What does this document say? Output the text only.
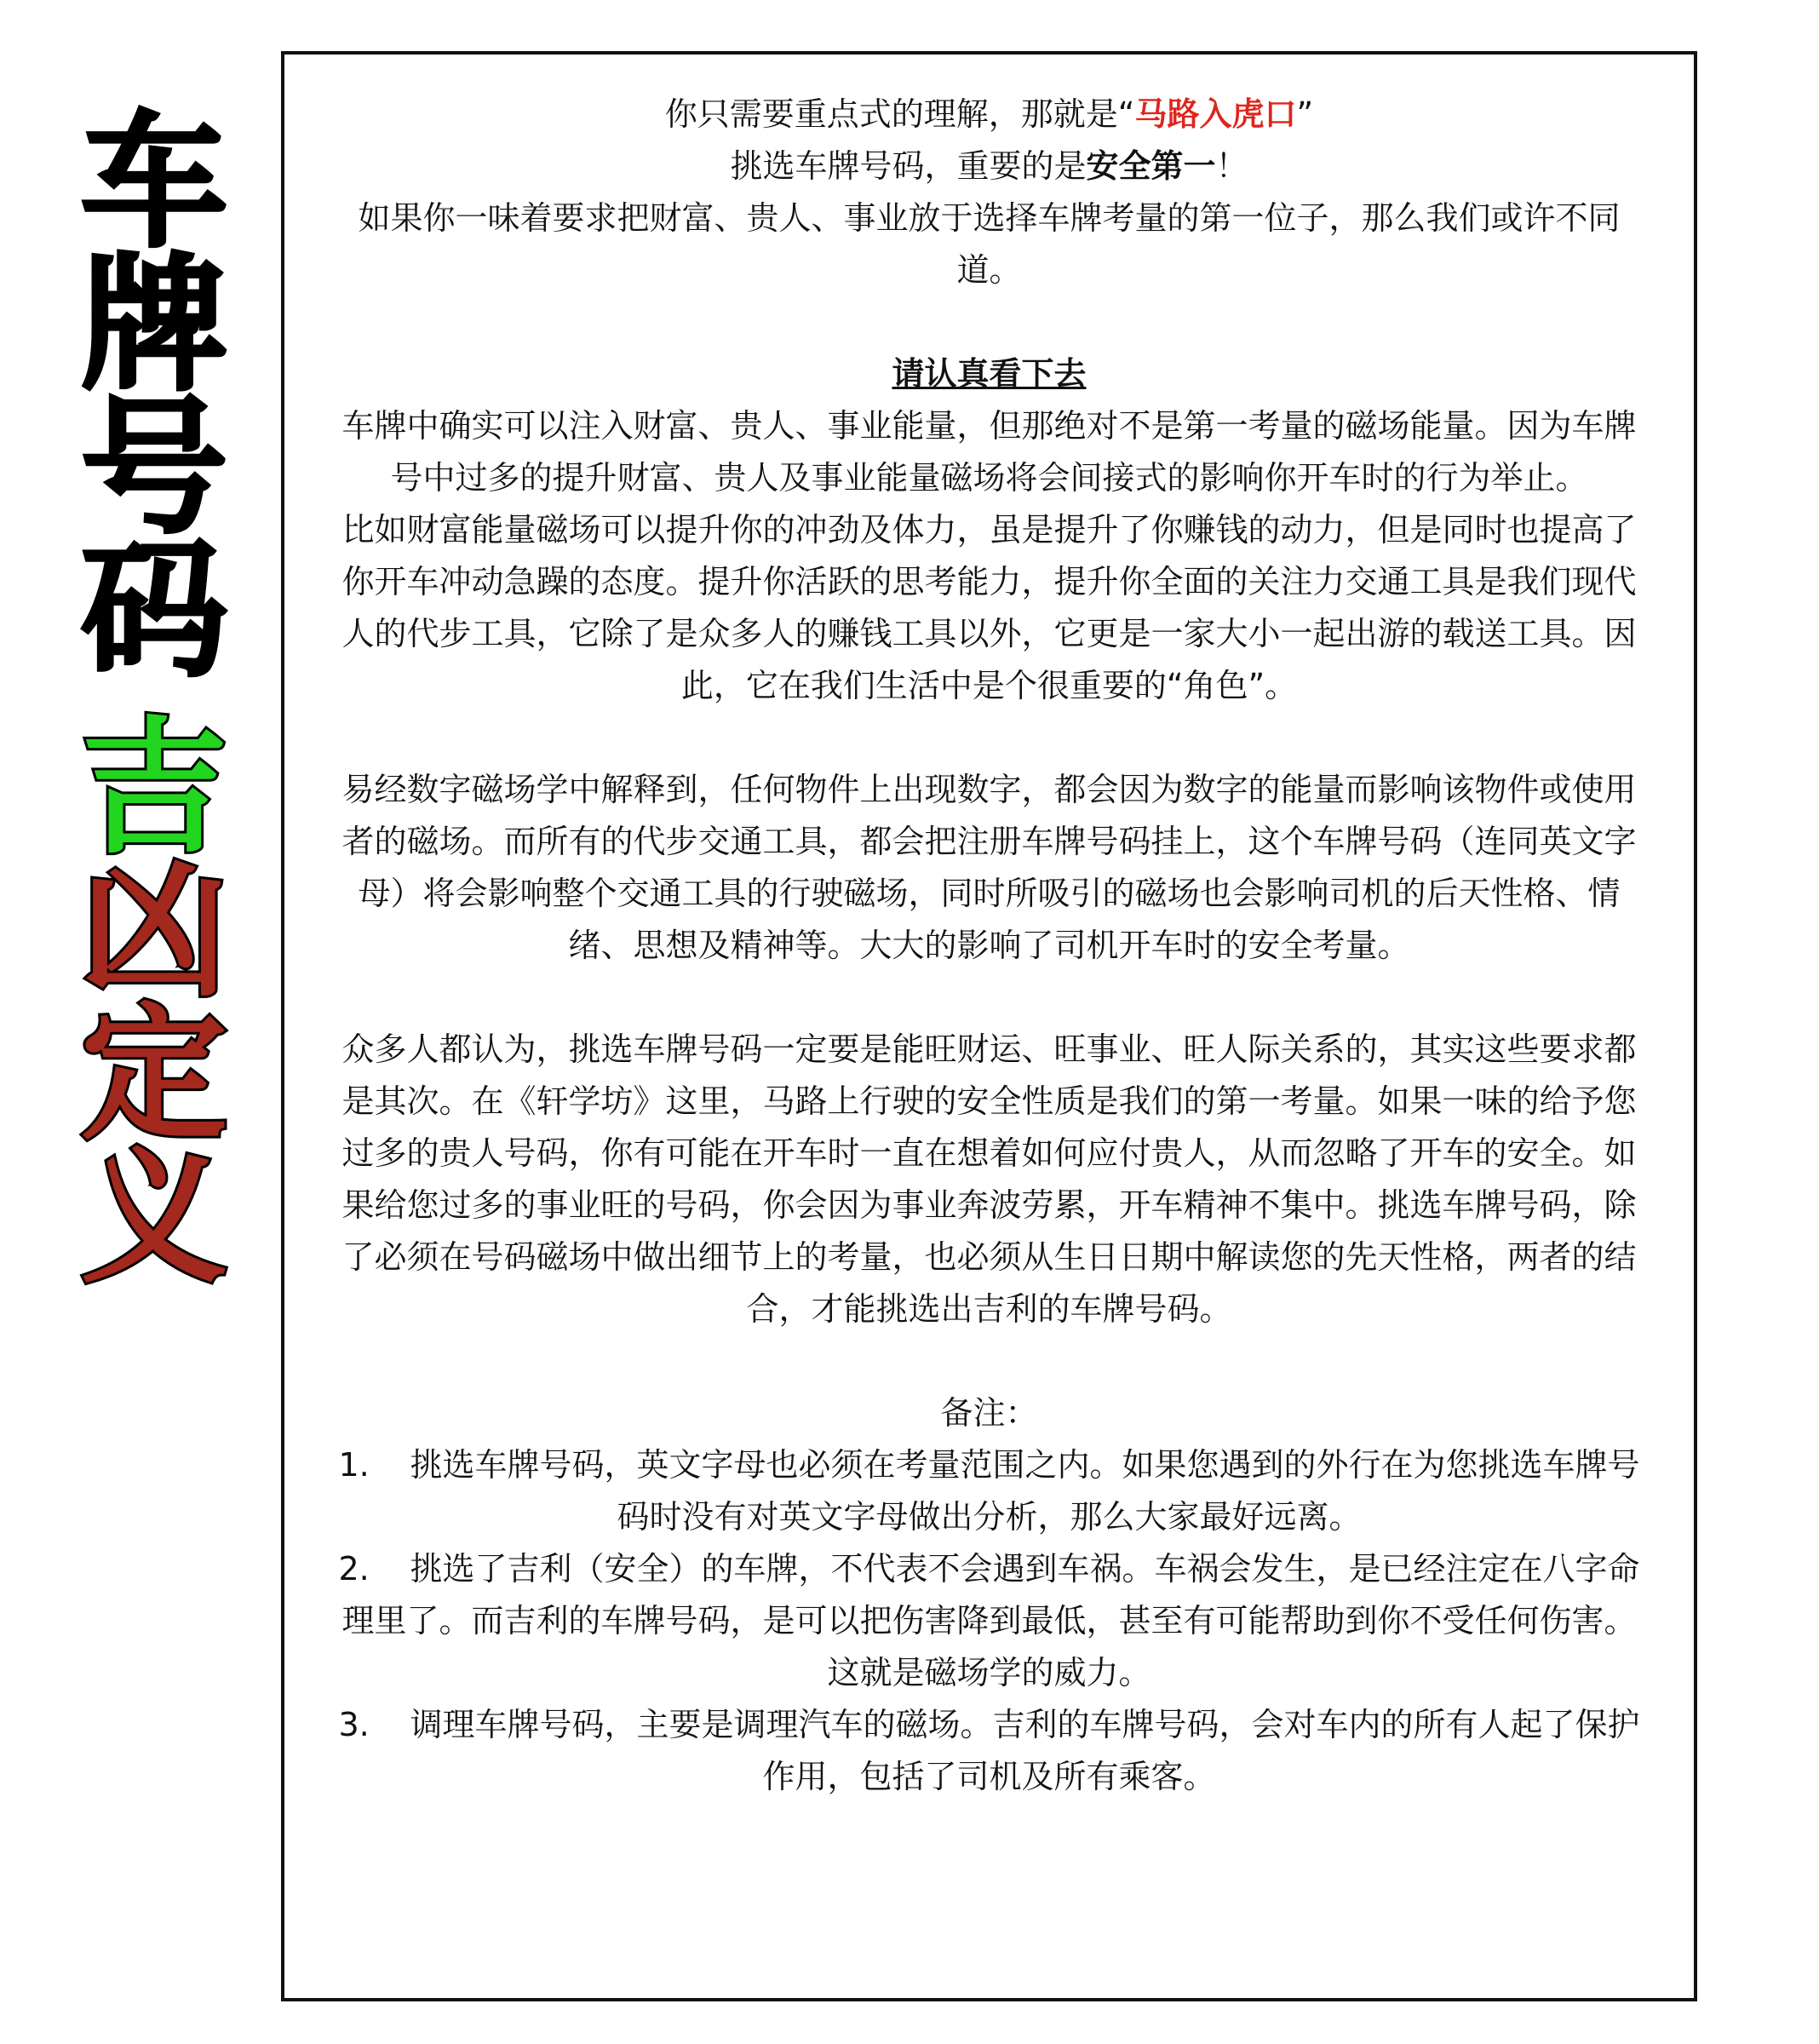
车
牌
号
码
吉
凶
定
义

你只需要重点式的理解，那就是“马路入虎口”

挑选车牌号码，重要的是安全第一！

如果你一味着要求把财富、贵人、事业放于选择车牌考量的第一位子，那么我们或许不同道。

请认真看下去

车牌中确实可以注入财富、贵人、事业能量，但那绝对不是第一考量的磁场能量。因为车牌号中过多的提升财富、贵人及事业能量磁场将会间接式的影响你开车时的行为举止。

比如财富能量磁场可以提升你的冲劲及体力，虽是提升了你赚钱的动力，但是同时也提高了你开车冲动急躁的态度。提升你活跃的思考能力，提升你全面的关注力交通工具是我们现代人的代步工具，它除了是众多人的赚钱工具以外，它更是一家大小一起出游的载送工具。因此，它在我们生活中是个很重要的“角色”。

易经数字磁场学中解释到，任何物件上出现数字，都会因为数字的能量而影响该物件或使用者的磁场。而所有的代步交通工具，都会把注册车牌号码挂上，这个车牌号码（连同英文字母）将会影响整个交通工具的行驶磁场，同时所吸引的磁场也会影响司机的后天性格、情绪、思想及精神等。大大的影响了司机开车时的安全考量。

众多人都认为，挑选车牌号码一定要是能旺财运、旺事业、旺人际关系的，其实这些要求都是其次。在《轩学坊》这里，马路上行驶的安全性质是我们的第一考量。如果一味的给予您过多的贵人号码，你有可能在开车时一直在想着如何应付贵人，从而忽略了开车的安全。如果给您过多的事业旺的号码，你会因为事业奔波劳累，开车精神不集中。挑选车牌号码，除了必须在号码磁场中做出细节上的考量，也必须从生日日期中解读您的先天性格，两者的结合，才能挑选出吉利的车牌号码。

备注：

1. 挑选车牌号码，英文字母也必须在考量范围之内。如果您遇到的外行在为您挑选车牌号码时没有对英文字母做出分析，那么大家最好远离。

2. 挑选了吉利（安全）的车牌，不代表不会遇到车祸。车祸会发生，是已经注定在八字命理里了。而吉利的车牌号码，是可以把伤害降到最低，甚至有可能帮助到你不受任何伤害。这就是磁场学的威力。

3. 调理车牌号码，主要是调理汽车的磁场。吉利的车牌号码，会对车内的所有人起了保护作用，包括了司机及所有乘客。
